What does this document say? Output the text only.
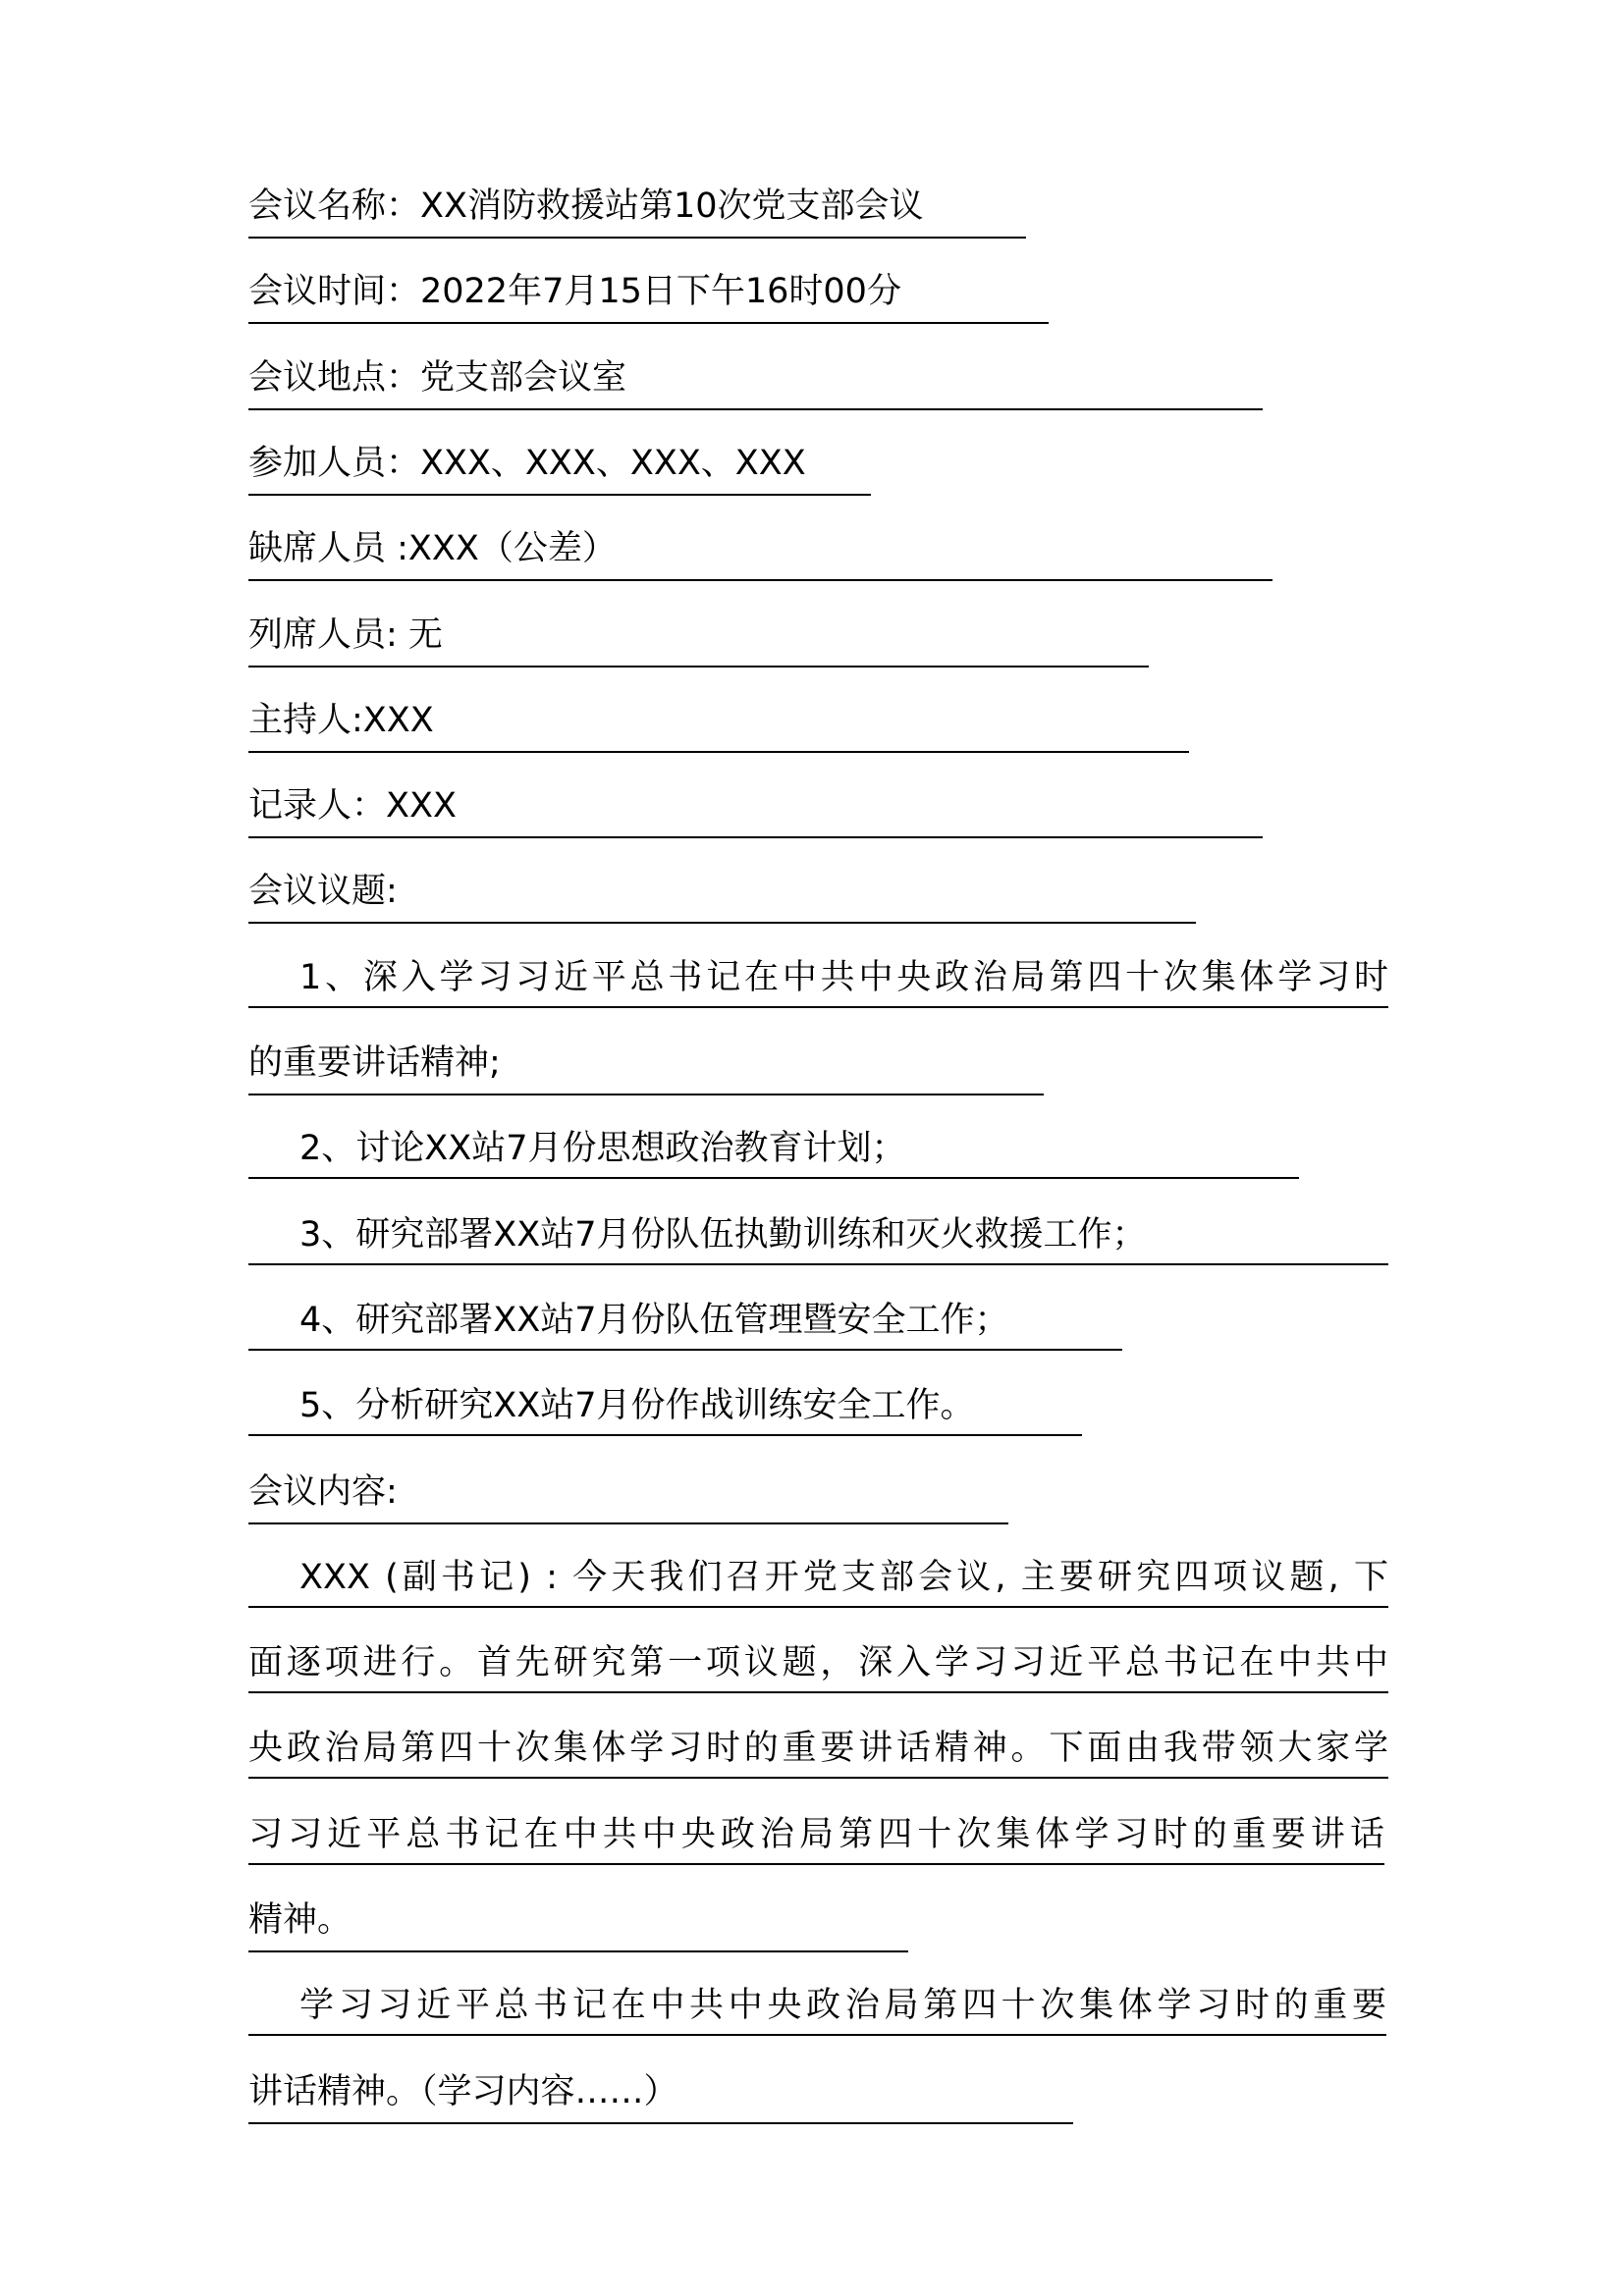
会议名称：XX消防救援站第10次党支部会议
会议时间：2022年7月15日下午16时00分
会议地点：党支部会议室
参加人员：XXX、XXX、XXX、XXX
缺席人员 :XXX（公差）
列席人员: 无
主持人:XXX
记录人：XXX
会议议题:
1、深入学习习近平总书记在中共中央政治局第四十次集体学习时
的重要讲话精神;
2、讨论XX站7月份思想政治教育计划；
3、研究部署XX站7月份队伍执勤训练和灭火救援工作；
4、研究部署XX站7月份队伍管理暨安全工作；
5、分析研究XX站7月份作战训练安全工作。
会议内容:
XXX (副书记) : 今天我们召开党支部会议, 主要研究四项议题, 下
面逐项进行。首先研究第一项议题，深入学习习近平总书记在中共中
央政治局第四十次集体学习时的重要讲话精神。下面由我带领大家学
习习近平总书记在中共中央政治局第四十次集体学习时的重要讲话
精神。
学习习近平总书记在中共中央政治局第四十次集体学习时的重要
讲话精神。（学习内容……）
